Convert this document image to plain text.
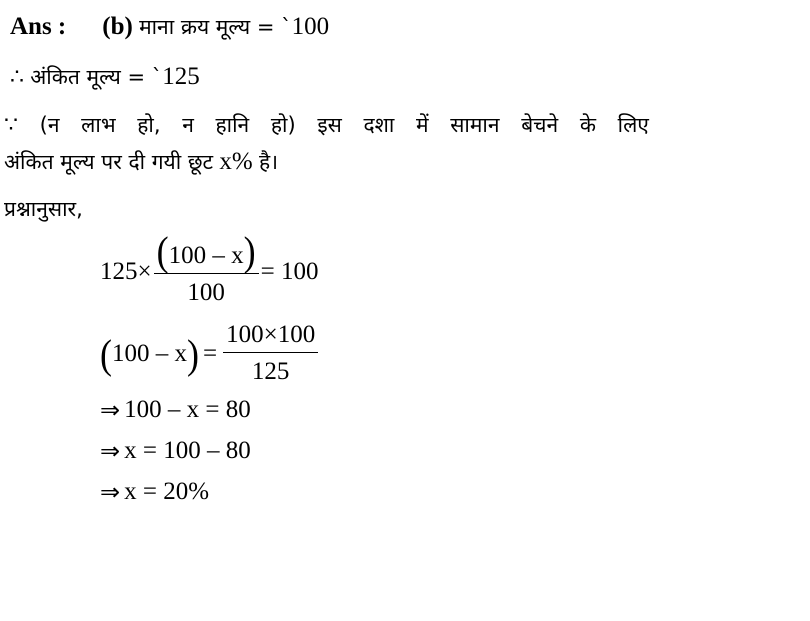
Ans : (b) माना क्रय मूल्य = `100
∴ अंकित मूल्य = `125
∵ (न लाभ हो, न हानि हो) इस दशा में सामान बेचने के लिए
अंकित मूल्य पर दी गयी छूट x% है।
प्रश्नानुसार,
$125\times \frac{(100 - x)}{100} = 100$
( 100 – x ) = $\frac{100\times 100}{125}$
⇒ 100 – x = 80
⇒ x = 100 – 80
⇒ x = 20%
